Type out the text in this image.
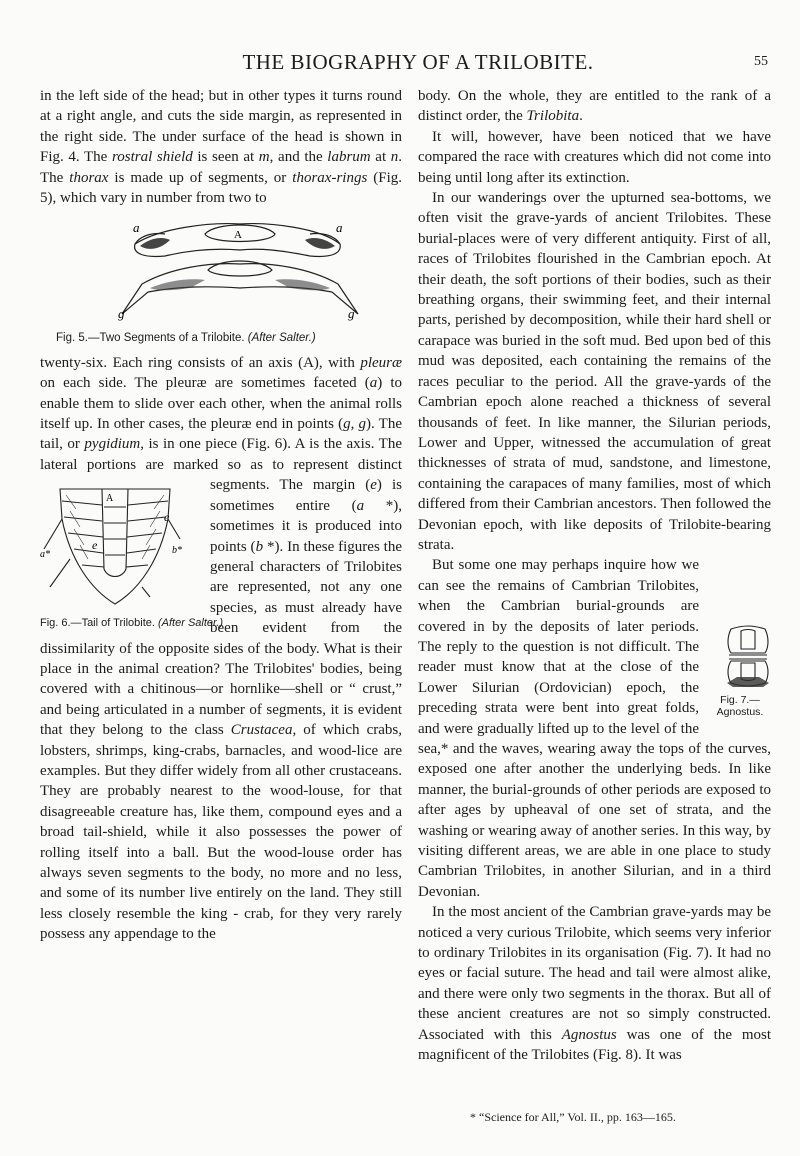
THE BIOGRAPHY OF A TRILOBITE.	55

in the left side of the head; but in other types it turns round at a right angle, and cuts the side margin, as represented in the right side. The under surface of the head is shown in Fig. 4. The rostral shield is seen at m, and the labrum at n. The thorax is made up of segments, or thorax-rings (Fig. 5), which vary in number from two to

a	A	a
g	g
Fig. 5.—Two Segments of a Trilobite. (After Salter.)

twenty-six. Each ring consists of an axis (A), with pleuræ on each side. The pleuræ are sometimes faceted (a) to enable them to slide over each other, when the animal rolls itself up. In other cases, the pleuræ end in points (g, g). The tail, or pygidium, is in one piece (Fig. 6). A is the axis. The lateral portions are marked so as to represent distinct segments. The margin (
A
e
e
a*	b*
Fig. 6.—Tail of Trilobite. (After Salter.)
e) is sometimes entire (a *), sometimes it is produced into points (b *). In these figures the general characters of Trilobites are represented, not any one species, as must already have been evident from the dissimilarity of the opposite sides of the body. What is their place in the animal creation? The Trilobites' bodies, being covered with a chitinous—or hornlike—shell or “ crust,” and being articulated in a number of segments, it is evident that they belong to the class Crustacea, of which crabs, lobsters, shrimps, king-crabs, barnacles, and wood-lice are examples. But they differ widely from all other crustaceans. They are probably nearest to the wood-louse, for that disagreeable creature has, like them, compound eyes and a broad tail-shield, while it also possesses the power of rolling itself into a ball. But the wood-louse order has always seven segments to the body, no more and no less, and some of its number live entirely on the land. They still less closely resemble the king - crab, for they very rarely possess any appendage to the

body. On the whole, they are entitled to the rank of a distinct order, the Trilobita.

It will, however, have been noticed that we have compared the race with creatures which did not come into being until long after its extinction.

In our wanderings over the upturned sea-bottoms, we often visit the grave-yards of ancient Trilobites. These burial-places were of very different antiquity. First of all, races of Trilobites flourished in the Cambrian epoch. At their death, the soft portions of their bodies, such as their breathing organs, their swimming feet, and their internal parts, perished by decomposition, while their hard shell or carapace was buried in the soft mud. Bed upon bed of this mud was deposited, each containing the remains of the races peculiar to the period. All the grave-yards of the Cambrian epoch alone reached a thickness of several thousands of feet. In like manner, the Silurian periods, Lower and Upper, witnessed the accumulation of great thicknesses of strata of mud, sandstone, and limestone, containing the carapaces of many families, most of which differed from their Cambrian ancestors. Then followed the Devonian epoch, with like deposits of Trilobite-bearing strata.

Fig. 7.—
Agnostus.
But some one may perhaps inquire how we can see the remains of Cambrian Trilobites, when the Cambrian burial-grounds are covered in by the deposits of later periods. The reply to the question is not difficult. The reader must know that at the close of the Lower Silurian (Ordovician) epoch, the preceding strata were bent into great folds, and were gradually lifted up to the level of the sea,* and the waves, wearing away the tops of the curves, exposed one after another the underlying beds. In like manner, the burial-grounds of other periods are exposed to after ages by upheaval of one set of strata, and the washing or wearing away of another series. In this way, by visiting different areas, we are able in one place to study Cambrian Trilobites, in another Silurian, and in a third Devonian.

In the most ancient of the Cambrian grave-yards may be noticed a very curious Trilobite, which seems very inferior to ordinary Trilobites in its organisation (Fig. 7). It had no eyes or facial suture. The head and tail were almost alike, and there were only two segments in the thorax. But all of these ancient creatures are not so simply constructed. Associated with this Agnostus was one of the most magnificent of the Trilobites (Fig. 8). It was

* “Science for All,” Vol. II., pp. 163—165.
